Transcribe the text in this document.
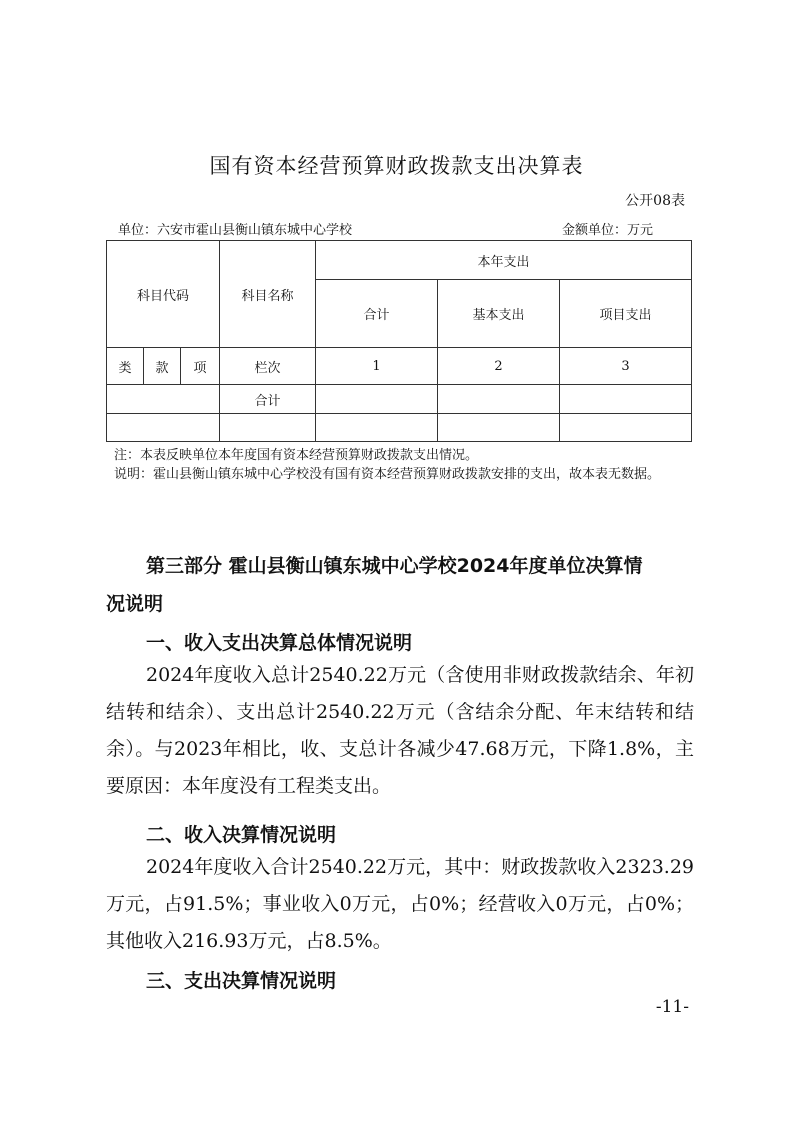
国有资本经营预算财政拨款支出决算表
公开08表
单位：六安市霍山县衡山镇东城中心学校	金额单位：万元
科目代码			科目名称	本年支出		
				合计	基本支出	项目支出
类	款	项	栏次	1	2	3
			合计			

注：本表反映单位本年度国有资本经营预算财政拨款支出情况。
说明：霍山县衡山镇东城中心学校没有国有资本经营预算财政拨款安排的支出，故本表无数据。
第三部分 霍山县衡山镇东城中心学校2024年度单位决算情
况说明
一、收入支出决算总体情况说明
2024年度收入总计2540.22万元（含使用非财政拨款结余、年初结转和结余）、支出总计2540.22万元（含结余分配、年末结转和结余）。与2023年相比，收、支总计各减少47.68万元，下降1.8%，主要原因：本年度没有工程类支出。
二、收入决算情况说明
2024年度收入合计2540.22万元，其中：财政拨款收入2323.29万元，占91.5%；事业收入0万元，占0%；经营收入0万元，占0%；其他收入216.93万元，占8.5%。
三、支出决算情况说明
-11-
